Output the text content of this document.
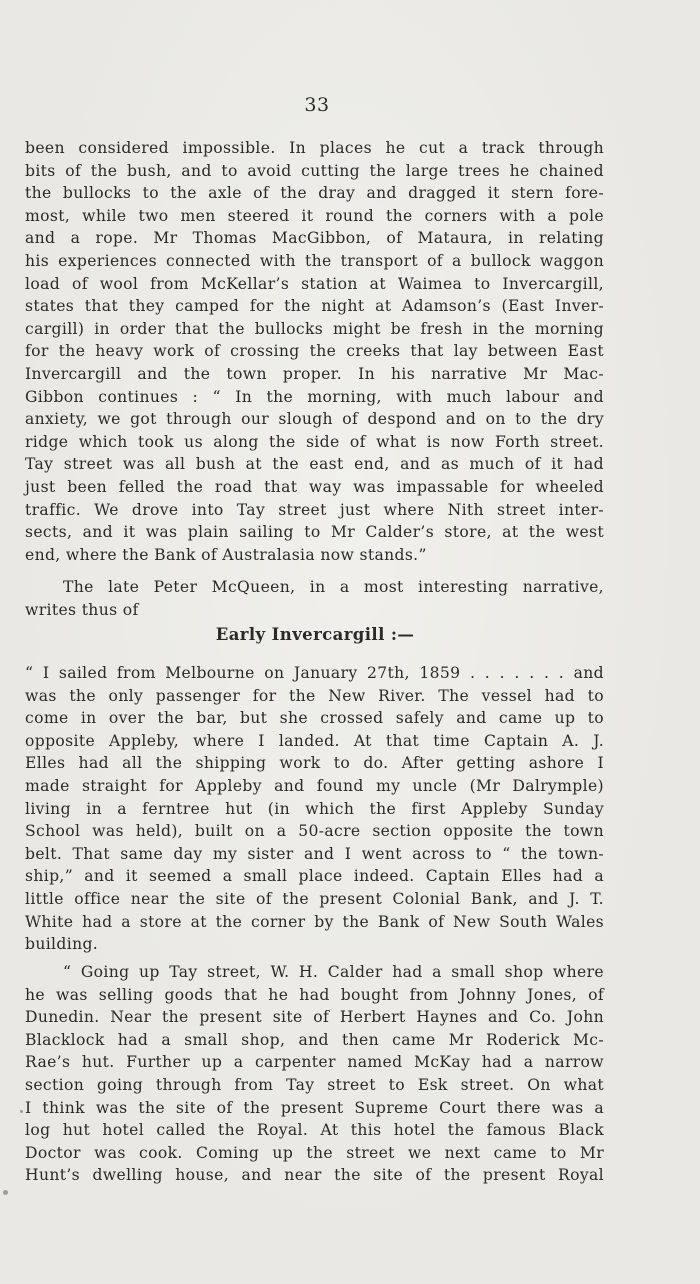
33
been considered impossible. In places he cut a track through
bits of the bush, and to avoid cutting the large trees he chained
the bullocks to the axle of the dray and dragged it stern fore-
most, while two men steered it round the corners with a pole
and a rope. Mr Thomas MacGibbon, of Mataura, in relating
his experiences connected with the transport of a bullock waggon
load of wool from McKellar’s station at Waimea to Invercargill,
states that they camped for the night at Adamson’s (East Inver-
cargill) in order that the bullocks might be fresh in the morning
for the heavy work of crossing the creeks that lay between East
Invercargill and the town proper. In his narrative Mr Mac-
Gibbon continues : “ In the morning, with much labour and
anxiety, we got through our slough of despond and on to the dry
ridge which took us along the side of what is now Forth street.
Tay street was all bush at the east end, and as much of it had
just been felled the road that way was impassable for wheeled
traffic. We drove into Tay street just where Nith street inter-
sects, and it was plain sailing to Mr Calder’s store, at the west
end, where the Bank of Australasia now stands.”
The late Peter McQueen, in a most interesting narrative,
writes thus of
Early Invercargill :—
“ I sailed from Melbourne on January 27th, 1859 . . . . . . . and
was the only passenger for the New River. The vessel had to
come in over the bar, but she crossed safely and came up to
opposite Appleby, where I landed. At that time Captain A. J.
Elles had all the shipping work to do. After getting ashore I
made straight for Appleby and found my uncle (Mr Dalrymple)
living in a ferntree hut (in which the first Appleby Sunday
School was held), built on a 50-acre section opposite the town
belt. That same day my sister and I went across to “ the town-
ship,” and it seemed a small place indeed. Captain Elles had a
little office near the site of the present Colonial Bank, and J. T.
White had a store at the corner by the Bank of New South Wales
building.
“ Going up Tay street, W. H. Calder had a small shop where
he was selling goods that he had bought from Johnny Jones, of
Dunedin. Near the present site of Herbert Haynes and Co. John
Blacklock had a small shop, and then came Mr Roderick Mc-
Rae’s hut. Further up a carpenter named McKay had a narrow
section going through from Tay street to Esk street. On what
I think was the site of the present Supreme Court there was a
log hut hotel called the Royal. At this hotel the famous Black
Doctor was cook. Coming up the street we next came to Mr
Hunt’s dwelling house, and near the site of the present Royal
